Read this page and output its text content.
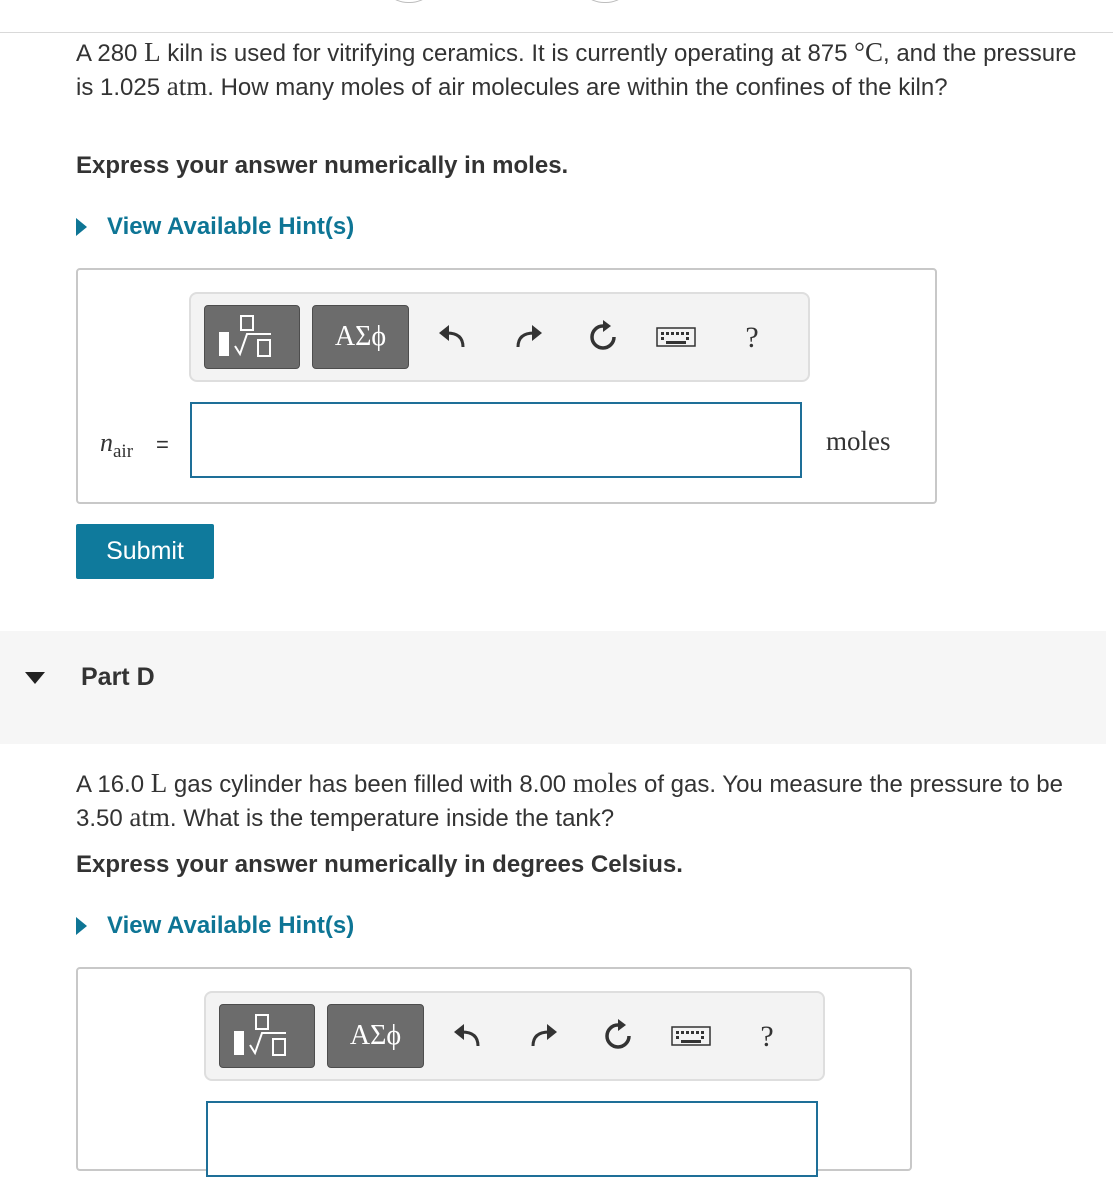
A 280 L kiln is used for vitrifying ceramics. It is currently operating at 875 °C, and the pressure is 1.025 atm. How many moles of air molecules are within the confines of the kiln?
Express your answer numerically in moles.
View Available Hint(s)
ΑΣϕ	?
$n_{air}$ =	moles
Submit
Part D
A 16.0 L gas cylinder has been filled with 8.00 moles of gas. You measure the pressure to be 3.50 atm. What is the temperature inside the tank?
Express your answer numerically in degrees Celsius.
View Available Hint(s)
ΑΣϕ	?
